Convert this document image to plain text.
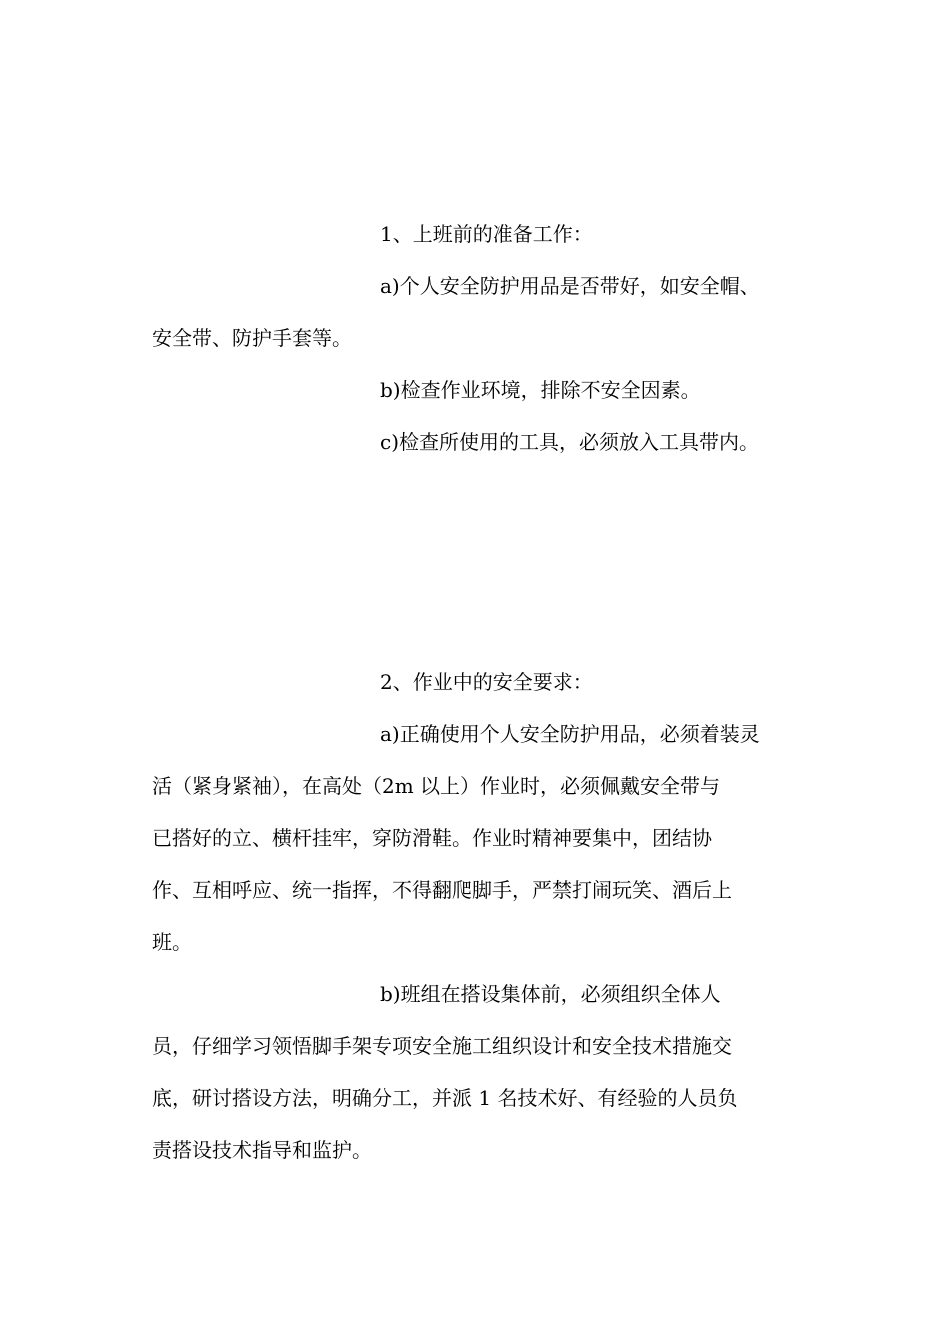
1、上班前的准备工作：
a)个人安全防护用品是否带好，如安全帽、
安全带、防护手套等。
b)检查作业环境，排除不安全因素。
c)检查所使用的工具，必须放入工具带内。
2、作业中的安全要求：
a)正确使用个人安全防护用品，必须着装灵
活（紧身紧袖），在高处（2m 以上）作业时，必须佩戴安全带与
已搭好的立、横杆挂牢，穿防滑鞋。作业时精神要集中，团结协
作、互相呼应、统一指挥，不得翻爬脚手，严禁打闹玩笑、酒后上
班。
b)班组在搭设集体前，必须组织全体人
员，仔细学习领悟脚手架专项安全施工组织设计和安全技术措施交
底，研讨搭设方法，明确分工，并派 1 名技术好、有经验的人员负
责搭设技术指导和监护。
